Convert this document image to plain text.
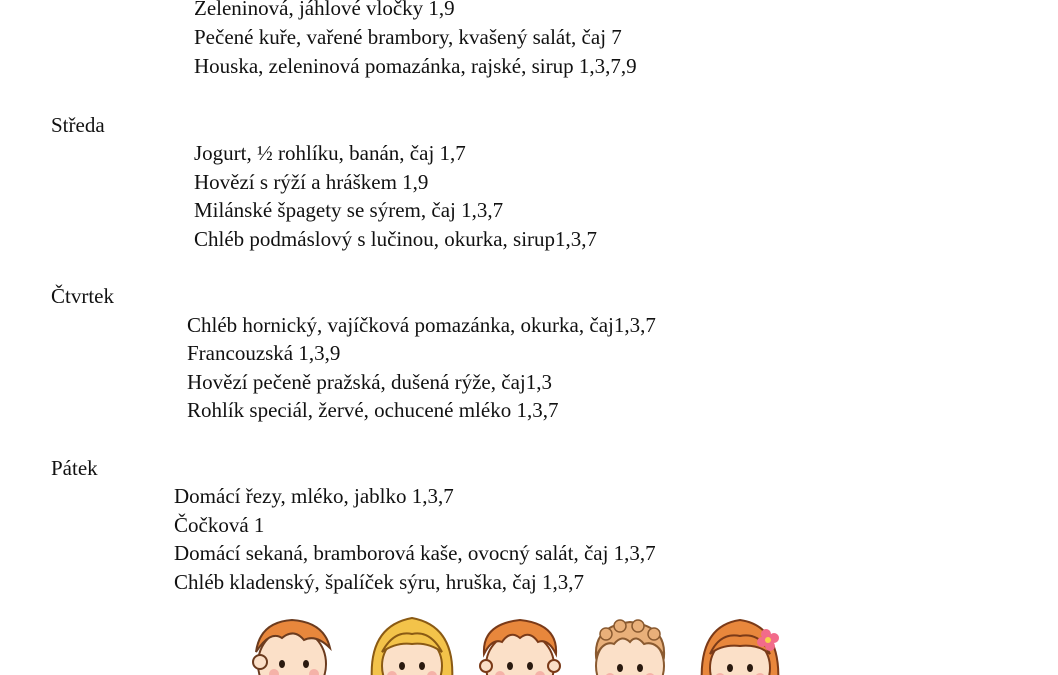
Zeleninová, jáhlové vločky 1,9
Pečené kuře, vařené brambory, kvašený salát, čaj 7
Houska, zeleninová pomazánka, rajské, sirup 1,3,7,9
Středa
Jogurt, ½ rohlíku, banán, čaj 1,7
Hovězí s rýží a hráškem 1,9
Milánské špagety se sýrem, čaj 1,3,7
Chléb podmáslový s lučinou, okurka, sirup1,3,7
Čtvrtek
Chléb hornický, vajíčková pomazánka, okurka, čaj1,3,7
Francouzská 1,3,9
Hovězí pečeně pražská, dušená rýže, čaj1,3
Rohlík speciál, žervé, ochucené mléko 1,3,7
Pátek
Domácí řezy, mléko, jablko 1,3,7
Čočková 1
Domácí sekaná, bramborová kaše, ovocný salát, čaj 1,3,7
Chléb kladenský, špalíček sýru, hruška, čaj 1,3,7
